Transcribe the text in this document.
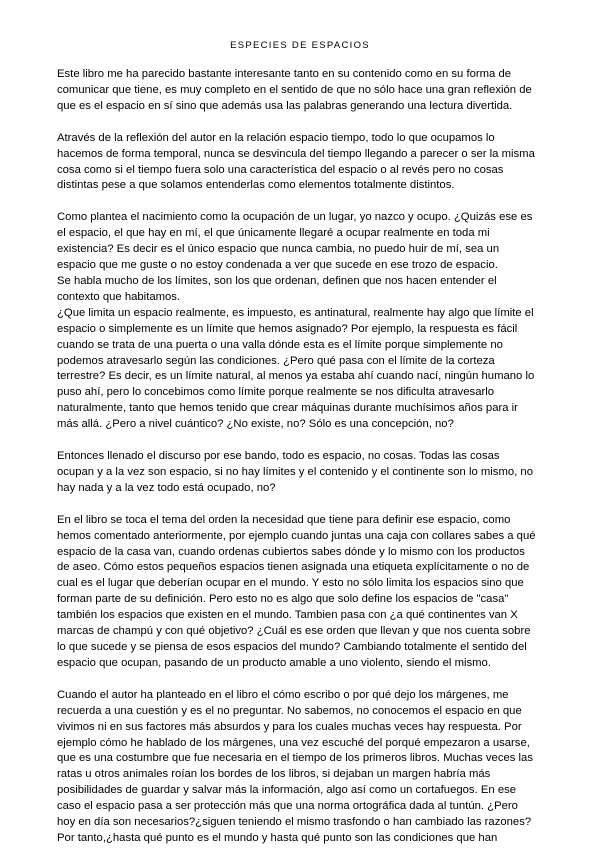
ESPECIES DE ESPACIOS
Este libro me ha parecido bastante interesante tanto en su contenido como en su forma de
comunicar que tiene, es muy completo en el sentido de que no sólo hace una gran reflexión de
que es el espacio en sí sino que además usa las palabras generando una lectura divertida.
Através de la reflexión del autor en la relación espacio tiempo, todo lo que ocupamos lo
hacemos de forma temporal, nunca se desvincula del tiempo llegando a parecer o ser la misma
cosa como si el tiempo fuera solo una característica del espacio o al revés pero no cosas
distintas pese a que solamos entenderlas como elementos totalmente distintos.
Como plantea el nacimiento como la ocupación de un lugar, yo nazco y ocupo. ¿Quizás ese es
el espacio, el que hay en mí, el que únicamente llegaré a ocupar realmente en toda mi
existencia? Es decir es el único espacio que nunca cambia, no puedo huir de mí, sea un
espacio que me guste o no estoy condenada a ver que sucede en ese trozo de espacio.
Se habla mucho de los límites, son los que ordenan, definen que nos hacen entender el
contexto que habitamos.
¿Que limita un espacio realmente, es impuesto, es antinatural, realmente hay algo que límite el
espacio o simplemente es un límite que hemos asignado? Por ejemplo, la respuesta es fácil
cuando se trata de una puerta o una valla dónde esta es el límite porque simplemente no
podemos atravesarlo según las condiciones. ¿Pero qué pasa con el límite de la corteza
terrestre? Es decir, es un límite natural, al menos ya estaba ahí cuando nací, ningún humano lo
puso ahí, pero lo concebimos como límite porque realmente se nos dificulta atravesarlo
naturalmente, tanto que hemos tenido que crear máquinas durante muchísimos años para ir
más allá. ¿Pero a nivel cuántico? ¿No existe, no? Sólo es una concepción, no?
Entonces llenado el discurso por ese bando, todo es espacio, no cosas. Todas las cosas
ocupan y a la vez son espacio, si no hay límites y el contenido y el continente son lo mismo, no
hay nada y a la vez todo está ocupado, no?
En el libro se toca el tema del orden la necesidad que tiene para definir ese espacio, como
hemos comentado anteriormente, por ejemplo cuando juntas una caja con collares sabes a qué
espacio de la casa van, cuando ordenas cubiertos sabes dónde y lo mismo con los productos
de aseo. Cómo estos pequeños espacios tienen asignada una etiqueta explícitamente o no de
cual es el lugar que deberían ocupar en el mundo. Y esto no sólo limita los espacios sino que
forman parte de su definición. Pero esto no es algo que solo define los espacios de "casa"
también los espacios que existen en el mundo. Tambien pasa con ¿a qué continentes van X
marcas de champú y con qué objetivo? ¿Cuál es ese orden que llevan y que nos cuenta sobre
lo que sucede y se piensa de esos espacios del mundo? Cambiando totalmente el sentido del
espacio que ocupan, pasando de un producto amable a uno violento, siendo el mismo.
Cuando el autor ha planteado en el libro el cómo escribo o por qué dejo los márgenes, me
recuerda a una cuestión y es el no preguntar. No sabemos, no conocemos el espacio en que
vivimos ni en sus factores más absurdos y para los cuales muchas veces hay respuesta. Por
ejemplo cómo he hablado de los márgenes, una vez escuché del porqué empezaron a usarse,
que es una costumbre que fue necesaria en el tiempo de los primeros libros. Muchas veces las
ratas u otros animales roían los bordes de los libros, si dejaban un margen habría más
posibilidades de guardar y salvar más la información, algo así como un cortafuegos. En ese
caso el espacio pasa a ser protección más que una norma ortográfica dada al tuntún. ¿Pero
hoy en día son necesarios?¿siguen teniendo el mismo trasfondo o han cambiado las razones?
Por tanto,¿hasta qué punto es el mundo y hasta qué punto son las condiciones que han
